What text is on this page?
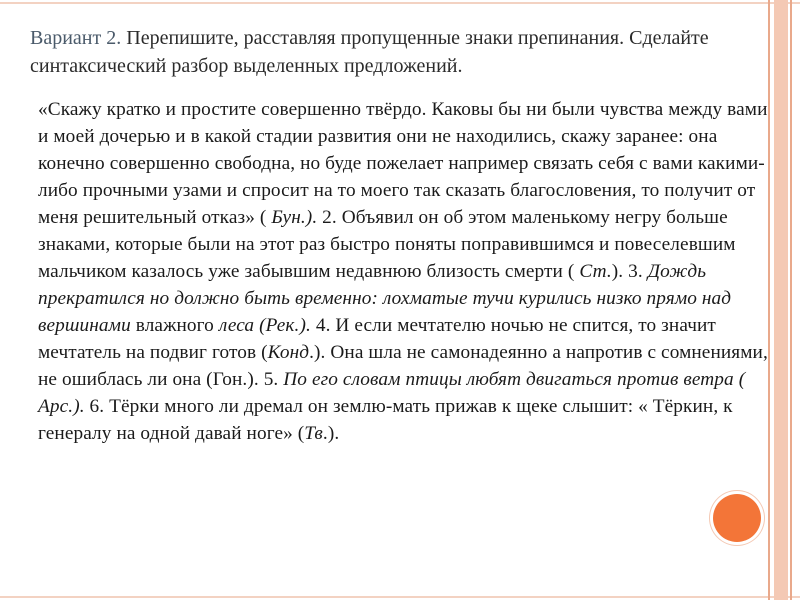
Вариант 2. Перепишите, расставляя пропущенные знаки препинания. Сделайте синтаксический разбор выделенных предложений.

«Скажу кратко и простите совершенно твёрдо. Каковы бы ни были чувства между вами и моей дочерью и в какой стадии развития они не находились, скажу заранее: она конечно совершенно свободна, но буде пожелает например связать себя с вами какими-либо прочными узами и спросит на то моего так сказать благословения, то получит от меня решительный отказ» ( Бун.). 2. Объявил он об этом маленькому негру больше знаками, которые были на этот раз быстро поняты поправившимся и повеселевшим мальчиком казалось уже забывшим недавнюю близость смерти ( Ст.). 3. Дождь прекратился но должно быть временно: лохматые тучи курились низко прямо над вершинами влажного леса (Рек.). 4. И если мечтателю ночью не спится, то значит мечтатель на подвиг готов (Конд.). Она шла не самонадеянно а напротив с сомнениями, не ошиблась ли она (Гон.). 5. По его словам птицы любят двигаться против ветра ( Арс.). 6. Тёрки много ли дремал он землю-мать прижав к щеке слышит: « Тёркин, к генералу на одной давай ноге» (Тв.).
